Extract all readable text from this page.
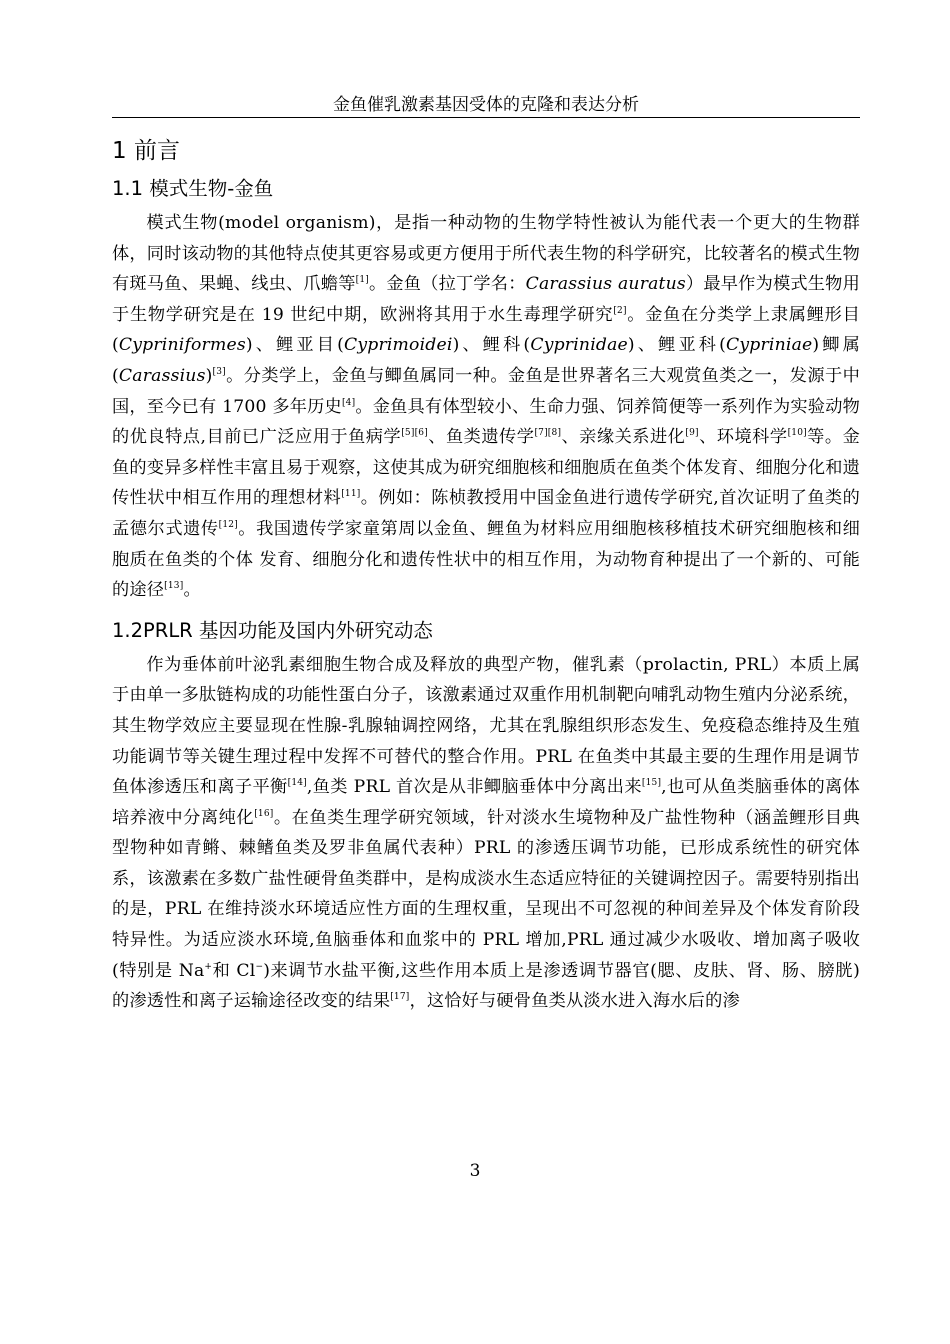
金鱼催乳激素基因受体的克隆和表达分析
1 前言
1.1 模式生物-金鱼

模式生物(model organism)，是指一种动物的生物学特性被认为能代表一个更大的生物群体，同时该动物的其他特点使其更容易或更方便用于所代表生物的科学研究，比较著名的模式生物有斑马鱼、果蝇、线虫、爪蟾等[1]。金鱼（拉丁学名：Carassius auratus）最早作为模式生物用于生物学研究是在 19 世纪中期，欧洲将其用于水生毒理学研究[2]。金鱼在分类学上隶属鲤形目(Cypriniformes)、鲤亚目(Cyprimoidei)、鲤科(Cyprinidae)、鲤亚科(Cypriniae)鲫属(Carassius)[3]。分类学上，金鱼与鲫鱼属同一种。金鱼是世界著名三大观赏鱼类之一，发源于中国，至今已有 1700 多年历史[4]。金鱼具有体型较小、生命力强、饲养简便等一系列作为实验动物的优良特点,目前已广泛应用于鱼病学[5][6]、鱼类遗传学[7][8]、亲缘关系进化[9]、环境科学[10]等。金鱼的变异多样性丰富且易于观察，这使其成为研究细胞核和细胞质在鱼类个体发育、细胞分化和遗传性状中相互作用的理想材料[11]。例如：陈桢教授用中国金鱼进行遗传学研究,首次证明了鱼类的孟德尔式遗传[12]。我国遗传学家童第周以金鱼、鲤鱼为材料应用细胞核移植技术研究细胞核和细胞质在鱼类的个体 发育、细胞分化和遗传性状中的相互作用，为动物育种提出了一个新的、可能的途径[13]。

1.2PRLR 基因功能及国内外研究动态

作为垂体前叶泌乳素细胞生物合成及释放的典型产物，催乳素（prolactin, PRL）本质上属于由单一多肽链构成的功能性蛋白分子，该激素通过双重作用机制靶向哺乳动物生殖内分泌系统，其生物学效应主要显现在性腺-乳腺轴调控网络，尤其在乳腺组织形态发生、免疫稳态维持及生殖功能调节等关键生理过程中发挥不可替代的整合作用。PRL 在鱼类中其最主要的生理作用是调节鱼体渗透压和离子平衡[14],鱼类 PRL 首次是从非鲫脑垂体中分离出来[15],也可从鱼类脑垂体的离体培养液中分离纯化[16]。在鱼类生理学研究领域，针对淡水生境物种及广盐性物种（涵盖鲤形目典型物种如青鳉、棘鳍鱼类及罗非鱼属代表种）PRL 的渗透压调节功能，已形成系统性的研究体系，该激素在多数广盐性硬骨鱼类群中，是构成淡水生态适应特征的关键调控因子。需要特别指出的是，PRL 在维持淡水环境适应性方面的生理权重，呈现出不可忽视的种间差异及个体发育阶段特异性。为适应淡水环境,鱼脑垂体和血浆中的 PRL 增加,PRL 通过减少水吸收、增加离子吸收(特别是 Na+和 Cl−)来调节水盐平衡,这些作用本质上是渗透调节器官(腮、皮肤、肾、肠、膀胱)的渗透性和离子运输途径改变的结果[17]，这恰好与硬骨鱼类从淡水进入海水后的渗

3
